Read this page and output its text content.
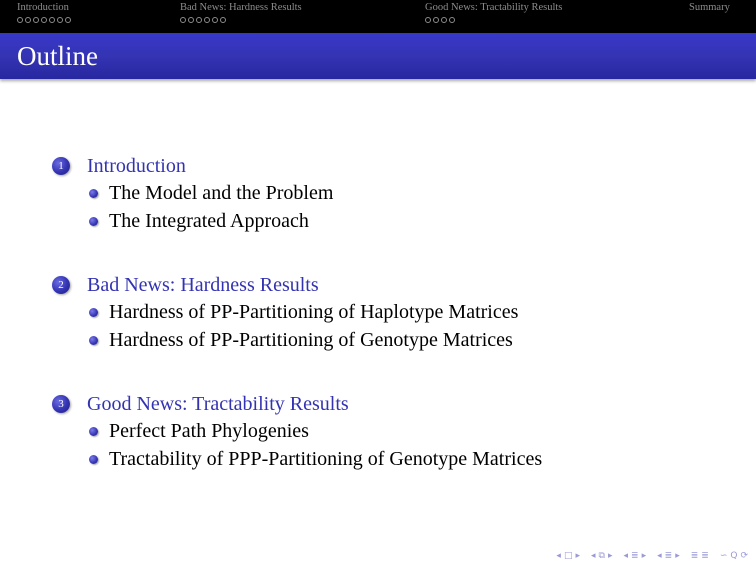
Introduction	Bad News: Hardness Results	Good News: Tractability Results	Summary
Outline
1	Introduction
The Model and the Problem
The Integrated Approach
2	Bad News: Hardness Results
Hardness of PP-Partitioning of Haplotype Matrices
Hardness of PP-Partitioning of Genotype Matrices
3	Good News: Tractability Results
Perfect Path Phylogenies
Tractability of PPP-Partitioning of Genotype Matrices
◂ □ ▸ ◂ ⧉ ▸ ◂ ≣ ▸ ◂ ≣ ▸ ≣ ≣ ∽ Q ⟳
